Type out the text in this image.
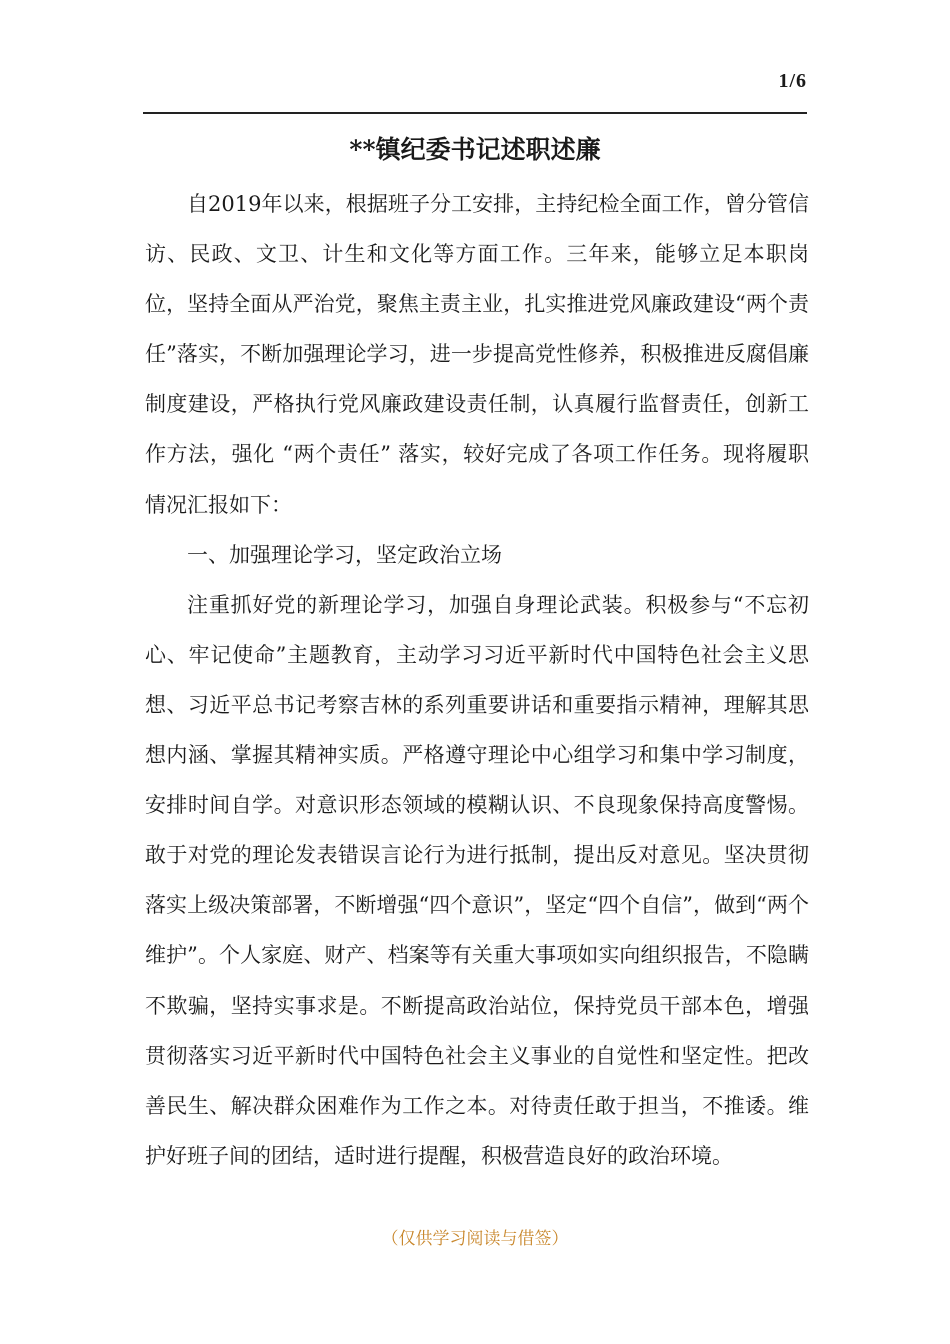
1/6
**镇纪委书记述职述廉

自2019年以来，根据班子分工安排，主持纪检全面工作，曾分管信访、民政、文卫、计生和文化等方面工作。三年来，能够立足本职岗位，坚持全面从严治党，聚焦主责主业，扎实推进党风廉政建设“两个责任”落实，不断加强理论学习，进一步提高党性修养，积极推进反腐倡廉制度建设，严格执行党风廉政建设责任制，认真履行监督责任，创新工作方法，强化 “两个责任” 落实，较好完成了各项工作任务。现将履职情况汇报如下：

一、加强理论学习，坚定政治立场

注重抓好党的新理论学习，加强自身理论武装。积极参与“不忘初心、牢记使命”主题教育，主动学习习近平新时代中国特色社会主义思想、习近平总书记考察吉林的系列重要讲话和重要指示精神，理解其思想内涵、掌握其精神实质。严格遵守理论中心组学习和集中学习制度，安排时间自学。对意识形态领域的模糊认识、不良现象保持高度警惕。敢于对党的理论发表错误言论行为进行抵制，提出反对意见。坚决贯彻落实上级决策部署，不断增强“四个意识”，坚定“四个自信”，做到“两个维护”。个人家庭、财产、档案等有关重大事项如实向组织报告，不隐瞒不欺骗，坚持实事求是。不断提高政治站位，保持党员干部本色，增强贯彻落实习近平新时代中国特色社会主义事业的自觉性和坚定性。把改善民生、解决群众困难作为工作之本。对待责任敢于担当，不推诿。维护好班子间的团结，适时进行提醒，积极营造良好的政治环境。

（仅供学习阅读与借签）
